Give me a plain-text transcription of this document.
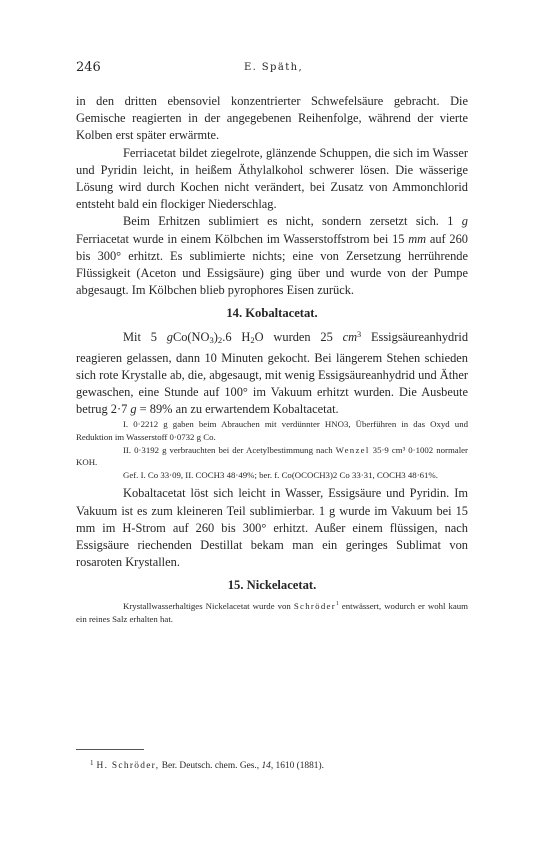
246	E. Späth,

in den dritten ebensoviel konzentrierter Schwefelsäure gebracht. Die Gemische reagierten in der angegebenen Reihenfolge, während der vierte Kolben erst später erwärmte.

Ferriacetat bildet ziegelrote, glänzende Schuppen, die sich im Wasser und Pyridin leicht, in heißem Äthylalkohol schwerer lösen. Die wässerige Lösung wird durch Kochen nicht verändert, bei Zusatz von Ammonchlorid entsteht bald ein flockiger Niederschlag.

Beim Erhitzen sublimiert es nicht, sondern zersetzt sich. 1 g Ferriacetat wurde in einem Kölbchen im Wasserstoffstrom bei 15 mm auf 260 bis 300° erhitzt. Es sublimierte nichts; eine von Zersetzung herrührende Flüssigkeit (Aceton und Essigsäure) ging über und wurde von der Pumpe abgesaugt. Im Kölbchen blieb pyrophores Eisen zurück.

14. Kobaltacetat.

Mit 5 $gCo(NO_3)_2.6$ $H_2O$ wurden 25 $cm^3$ Essigsäureanhydrid reagieren gelassen, dann 10 Minuten gekocht. Bei längerem Stehen schieden sich rote Krystalle ab, die, abgesaugt, mit wenig Essigsäureanhydrid und Äther gewaschen, eine Stunde auf 100° im Vakuum erhitzt wurden. Die Ausbeute betrug 2·7 g = 89% an zu erwartendem Kobaltacetat.

I. 0·2212 g gaben beim Abrauchen mit verdünnter HNO3, Überführen in das Oxyd und Reduktion im Wasserstoff 0·0732 g Co.

II. 0·3192 g verbrauchten bei der Acetylbestimmung nach Wenzel 35·9 cm³ 0·1002 normaler KOH.

Gef. I. Co 33·09, II. COCH3 48·49%; ber. f. Co(OCOCH3)2 Co 33·31, COCH3 48·61%.

Kobaltacetat löst sich leicht in Wasser, Essigsäure und Pyridin. Im Vakuum ist es zum kleineren Teil sublimierbar. 1 g wurde im Vakuum bei 15 mm im H-Strom auf 260 bis 300° erhitzt. Außer einem flüssigen, nach Essigsäure riechenden Destillat bekam man ein geringes Sublimat von rosaroten Krystallen.

15. Nickelacetat.

Krystallwasserhaltiges Nickelacetat wurde von Schröder$^1$ entwässert, wodurch er wohl kaum ein reines Salz erhalten hat.

$^1$ H. Schröder, Ber. Deutsch. chem. Ges., 14, 1610 (1881).
